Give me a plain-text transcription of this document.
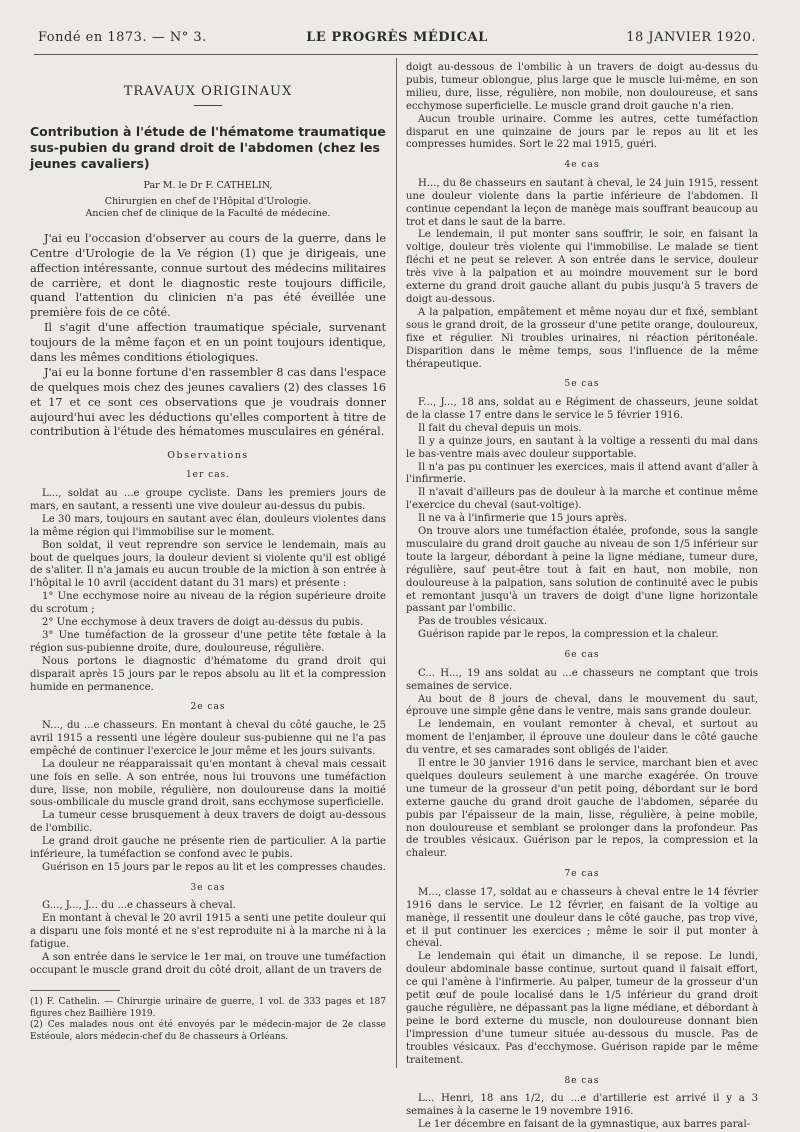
Fondé en 1873. — N° 3.	LE PROGRÈS MÉDICAL	18 JANVIER 1920.
TRAVAUX ORIGINAUX
Contribution à l'étude de l'hématome traumatique sus-pubien du grand droit de l'abdomen (chez les jeunes cavaliers)
Par M. le Dr F. CATHELIN,
Chirurgien en chef de l'Hôpital d'Urologie.
Ancien chef de clinique de la Faculté de médecine.

J'ai eu l'occasion d'observer au cours de la guerre, dans le Centre d'Urologie de la Ve région (1) que je dirigeais, une affection intéressante, connue surtout des médecins militaires de carrière, et dont le diagnostic reste toujours difficile, quand l'attention du clinicien n'a pas été éveillée une première fois de ce côté.

Il s'agit d'une affection traumatique spéciale, survenant toujours de la même façon et en un point toujours identique, dans les mêmes conditions étiologiques.

J'ai eu la bonne fortune d'en rassembler 8 cas dans l'espace de quelques mois chez des jeunes cavaliers (2) des classes 16 et 17 et ce sont ces observations que je voudrais donner aujourd'hui avec les déductions qu'elles comportent à titre de contribution à l'étude des hématomes musculaires en général.

Observations
1er cas.

L..., soldat au ...e groupe cycliste. Dans les premiers jours de mars, en sautant, a ressenti une vive douleur au-dessus du pubis.

Le 30 mars, toujours en sautant avec élan, douleurs violentes dans la même région qui l'immobilise sur le moment.

Bon soldat, il veut reprendre son service le lendemain, mais au bout de quelques jours, la douleur devient si violente qu'il est obligé de s'aliter. Il n'a jamais eu aucun trouble de la miction à son entrée à l'hôpital le 10 avril (accident datant du 31 mars) et présente :

1° Une ecchymose noire au niveau de la région supérieure droite du scrotum ;

2° Une ecchymose à deux travers de doigt au-dessus du pubis.

3° Une tuméfaction de la grosseur d'une petite tête fœtale à la région sus-pubienne droite, dure, douloureuse, régulière.

Nous portons le diagnostic d'hématome du grand droit qui disparait après 15 jours par le repos absolu au lit et la compression humide en permanence.

2e cas

N..., du ...e chasseurs. En montant à cheval du côté gauche, le 25 avril 1915 a ressenti une légère douleur sus-pubienne qui ne l'a pas empêché de continuer l'exercice le jour même et les jours suivants.

La douleur ne réapparaissait qu'en montant à cheval mais cessait une fois en selle. A son entrée, nous lui trouvons une tuméfaction dure, lisse, non mobile, régulière, non douloureuse dans la moitié sous-ombilicale du muscle grand droit, sans ecchymose superficielle.

La tumeur cesse brusquement à deux travers de doigt au-dessous de l'ombilic.

Le grand droit gauche ne présente rien de particulier. A la partie inférieure, la tuméfaction se confond avec le pubis.

Guérison en 15 jours par le repos au lit et les compresses chaudes.

3e cas

G..., J..., J... du ...e chasseurs à cheval.

En montant à cheval le 20 avril 1915 a senti une petite douleur qui a disparu une fois monté et ne s'est reproduite ni à la marche ni à la fatigue.

A son entrée dans le service le 1er mai, on trouve une tuméfaction occupant le muscle grand droit du côté droit, allant de un travers de

(1) F. Cathelin. — Chirurgie urinaire de guerre, 1 vol. de 333 pages et 187 figures chez Baillière 1919.

(2) Ces malades nous ont été envoyés par le médecin-major de 2e classe Estéoule, alors médecin-chef du 8e chasseurs à Orléans.

doigt au-dessous de l'ombilic à un travers de doigt au-dessus du pubis, tumeur oblongue, plus large que le muscle lui-même, en son milieu, dure, lisse, régulière, non mobile, non douloureuse, et sans ecchymose superficielle. Le muscle grand droit gauche n'a rien.

Aucun trouble urinaire. Comme les autres, cette tuméfaction disparut en une quinzaine de jours par le repos au lit et les compresses humides. Sort le 22 mai 1915, guéri.

4e cas

H..., du 8e chasseurs en sautant à cheval, le 24 juin 1915, ressent une douleur violente dans la partie inférieure de l'abdomen. Il continue cependant la leçon de manège mais souffrant beaucoup au trot et dans le saut de la barre.

Le lendemain, il put monter sans souffrir, le soir, en faisant la voltige, douleur très violente qui l'immobilise. Le malade se tient fléchi et ne peut se relever. A son entrée dans le service, douleur très vive à la palpation et au moindre mouvement sur le bord externe du grand droit gauche allant du pubis jusqu'à 5 travers de doigt au-dessous.

A la palpation, empâtement et même noyau dur et fixé, semblant sous le grand droit, de la grosseur d'une petite orange, douloureux, fixe et régulier. Ni troubles urinaires, ni réaction péritonéale. Disparition dans le même temps, sous l'influence de la même thérapeutique.

5e cas

F..., J..., 18 ans, soldat au e Régiment de chasseurs, jeune soldat de la classe 17 entre dans le service le 5 février 1916.

Il fait du cheval depuis un mois.

Il y a quinze jours, en sautant à la voltige a ressenti du mal dans le bas-ventre mais avec douleur supportable.

Il n'a pas pu continuer les exercices, mais il attend avant d'aller à l'infirmerie.

Il n'avait d'ailleurs pas de douleur à la marche et continue même l'exercice du cheval (saut-voltige).

Il ne va à l'infirmerie que 15 jours après.

On trouve alors une tuméfaction étalée, profonde, sous la sangle musculaire du grand droit gauche au niveau de son 1/5 inférieur sur toute la largeur, débordant à peine la ligne médiane, tumeur dure, régulière, sauf peut-être tout à fait en haut, non mobile, non douloureuse à la palpation, sans solution de continuité avec le pubis et remontant jusqu'à un travers de doigt d'une ligne horizontale passant par l'ombilic.

Pas de troubles vésicaux.

Guérison rapide par le repos, la compression et la chaleur.

6e cas

C... H..., 19 ans soldat au ...e chasseurs ne comptant que trois semaines de service.

Au bout de 8 jours de cheval, dans le mouvement du saut, éprouve une simple gêne dans le ventre, mais sans grande douleur.

Le lendemain, en voulant remonter à cheval, et surtout au moment de l'enjamber, il éprouve une douleur dans le côté gauche du ventre, et ses camarades sont obligés de l'aider.

Il entre le 30 janvier 1916 dans le service, marchant bien et avec quelques douleurs seulement à une marche exagérée. On trouve une tumeur de la grosseur d'un petit poing, débordant sur le bord externe gauche du grand droit gauche de l'abdomen, séparée du pubis par l'épaisseur de la main, lisse, régulière, à peine mobile, non douloureuse et semblant se prolonger dans la profondeur. Pas de troubles vésicaux. Guérison par le repos, la compression et la chaleur.

7e cas

M..., classe 17, soldat au e chasseurs à cheval entre le 14 février 1916 dans le service. Le 12 février, en faisant de la voltige au manège, il ressentit une douleur dans le côté gauche, pas trop vive, et il put continuer les exercices ; même le soir il put monter à cheval.

Le lendemain qui était un dimanche, il se repose. Le lundi, douleur abdominale basse continue, surtout quand il faisait effort, ce qui l'amène à l'infirmerie. Au palper, tumeur de la grosseur d'un petit œuf de poule localisé dans le 1/5 inférieur du grand droit gauche régulière, ne dépassant pas la ligne médiane, et débordant à peine le bord externe du muscle, non douloureuse donnant bien l'impression d'une tumeur située au-dessous du muscle. Pas de troubles vésicaux. Pas d'ecchymose. Guérison rapide par le même traitement.

8e cas

L... Henri, 18 ans 1/2, du ...e d'artillerie est arrivé il y a 3 semaines à la caserne le 19 novembre 1916.

Le 1er décembre en faisant de la gymnastique, aux barres paral-
